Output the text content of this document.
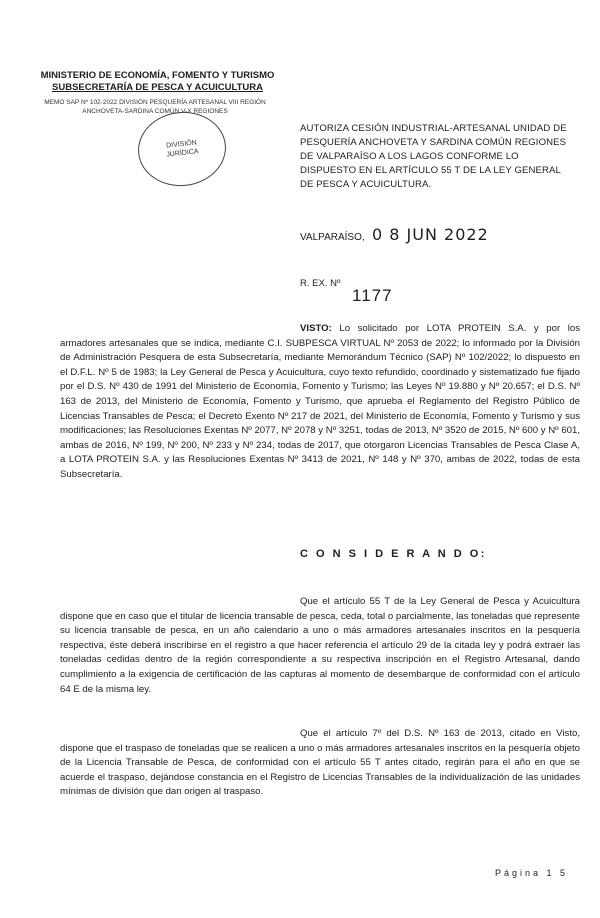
MINISTERIO DE ECONOMÍA, FOMENTO Y TURISMO
SUBSECRETARÍA DE PESCA Y ACUICULTURA
MEMO SAP Nº 102-2022 DIVISIÓN PESQUERÍA ARTESANAL VIII REGIÓN
ANCHOVETA-SARDINA COMÚN V-X REGIONES
DIVISIÓN
JURÍDICA
AUTORIZA CESIÓN INDUSTRIAL-ARTESANAL UNIDAD DE PESQUERÍA ANCHOVETA Y SARDINA COMÚN REGIONES DE VALPARAÍSO A LOS LAGOS CONFORME LO DISPUESTO EN EL ARTÍCULO 55 T DE LA LEY GENERAL DE PESCA Y ACUICULTURA.
VALPARAÍSO, 0 8 JUN 2022
R. EX. Nº
1177
VISTO: Lo solicitado por LOTA PROTEIN S.A. y por los armadores artesanales que se indica, mediante C.I. SUBPESCA VIRTUAL Nº 2053 de 2022; lo informado por la División de Administración Pesquera de esta Subsecretaría, mediante Memorándum Técnico (SAP) Nº 102/2022; lo dispuesto en el D.F.L. Nº 5 de 1983; la Ley General de Pesca y Acuicultura, cuyo texto refundido, coordinado y sistematizado fue fijado por el D.S. Nº 430 de 1991 del Ministerio de Economía, Fomento y Turismo; las Leyes Nº 19.880 y Nº 20.657; el D.S. Nº 163 de 2013, del Ministerio de Economía, Fomento y Turismo, que aprueba el Reglamento del Registro Público de Licencias Transables de Pesca; el Decreto Exento Nº 217 de 2021, del Ministerio de Economía, Fomento y Turismo y sus modificaciones; las Resoluciones Exentas Nº 2077, Nº 2078 y Nº 3251, todas de 2013, Nº 3520 de 2015, Nº 600 y Nº 601, ambas de 2016, Nº 199, Nº 200, Nº 233 y Nº 234, todas de 2017, que otorgaron Licencias Transables de Pesca Clase A, a LOTA PROTEIN S.A. y las Resoluciones Exentas Nº 3413 de 2021, Nº 148 y Nº 370, ambas de 2022, todas de esta Subsecretaría.
C O N S I D E R A N D O:
Que el artículo 55 T de la Ley General de Pesca y Acuicultura dispone que en caso que el titular de licencia transable de pesca, ceda, total o parcialmente, las toneladas que represente su licencia transable de pesca, en un año calendario a uno o más armadores artesanales inscritos en la pesquería respectiva, éste deberá inscribirse en el registro a que hacer referencia el artículo 29 de la citada ley y podrá extraer las toneladas cedidas dentro de la región correspondiente a su respectiva inscripción en el Registro Artesanal, dando cumplimiento a la exigencia de certificación de las capturas al momento de desembarque de conformidad con el artículo 64 E de la misma ley.
Que el artículo 7º del D.S. Nº 163 de 2013, citado en Visto, dispone que el traspaso de toneladas que se realicen a uno o más armadores artesanales inscritos en la pesquería objeto de la Licencia Transable de Pesca, de conformidad con el artículo 55 T antes citado, regirán para el año en que se acuerde el traspaso, dejándose constancia en el Registro de Licencias Transables de la individualización de las unidades mínimas de división que dan origen al traspaso.
Página 1 5
